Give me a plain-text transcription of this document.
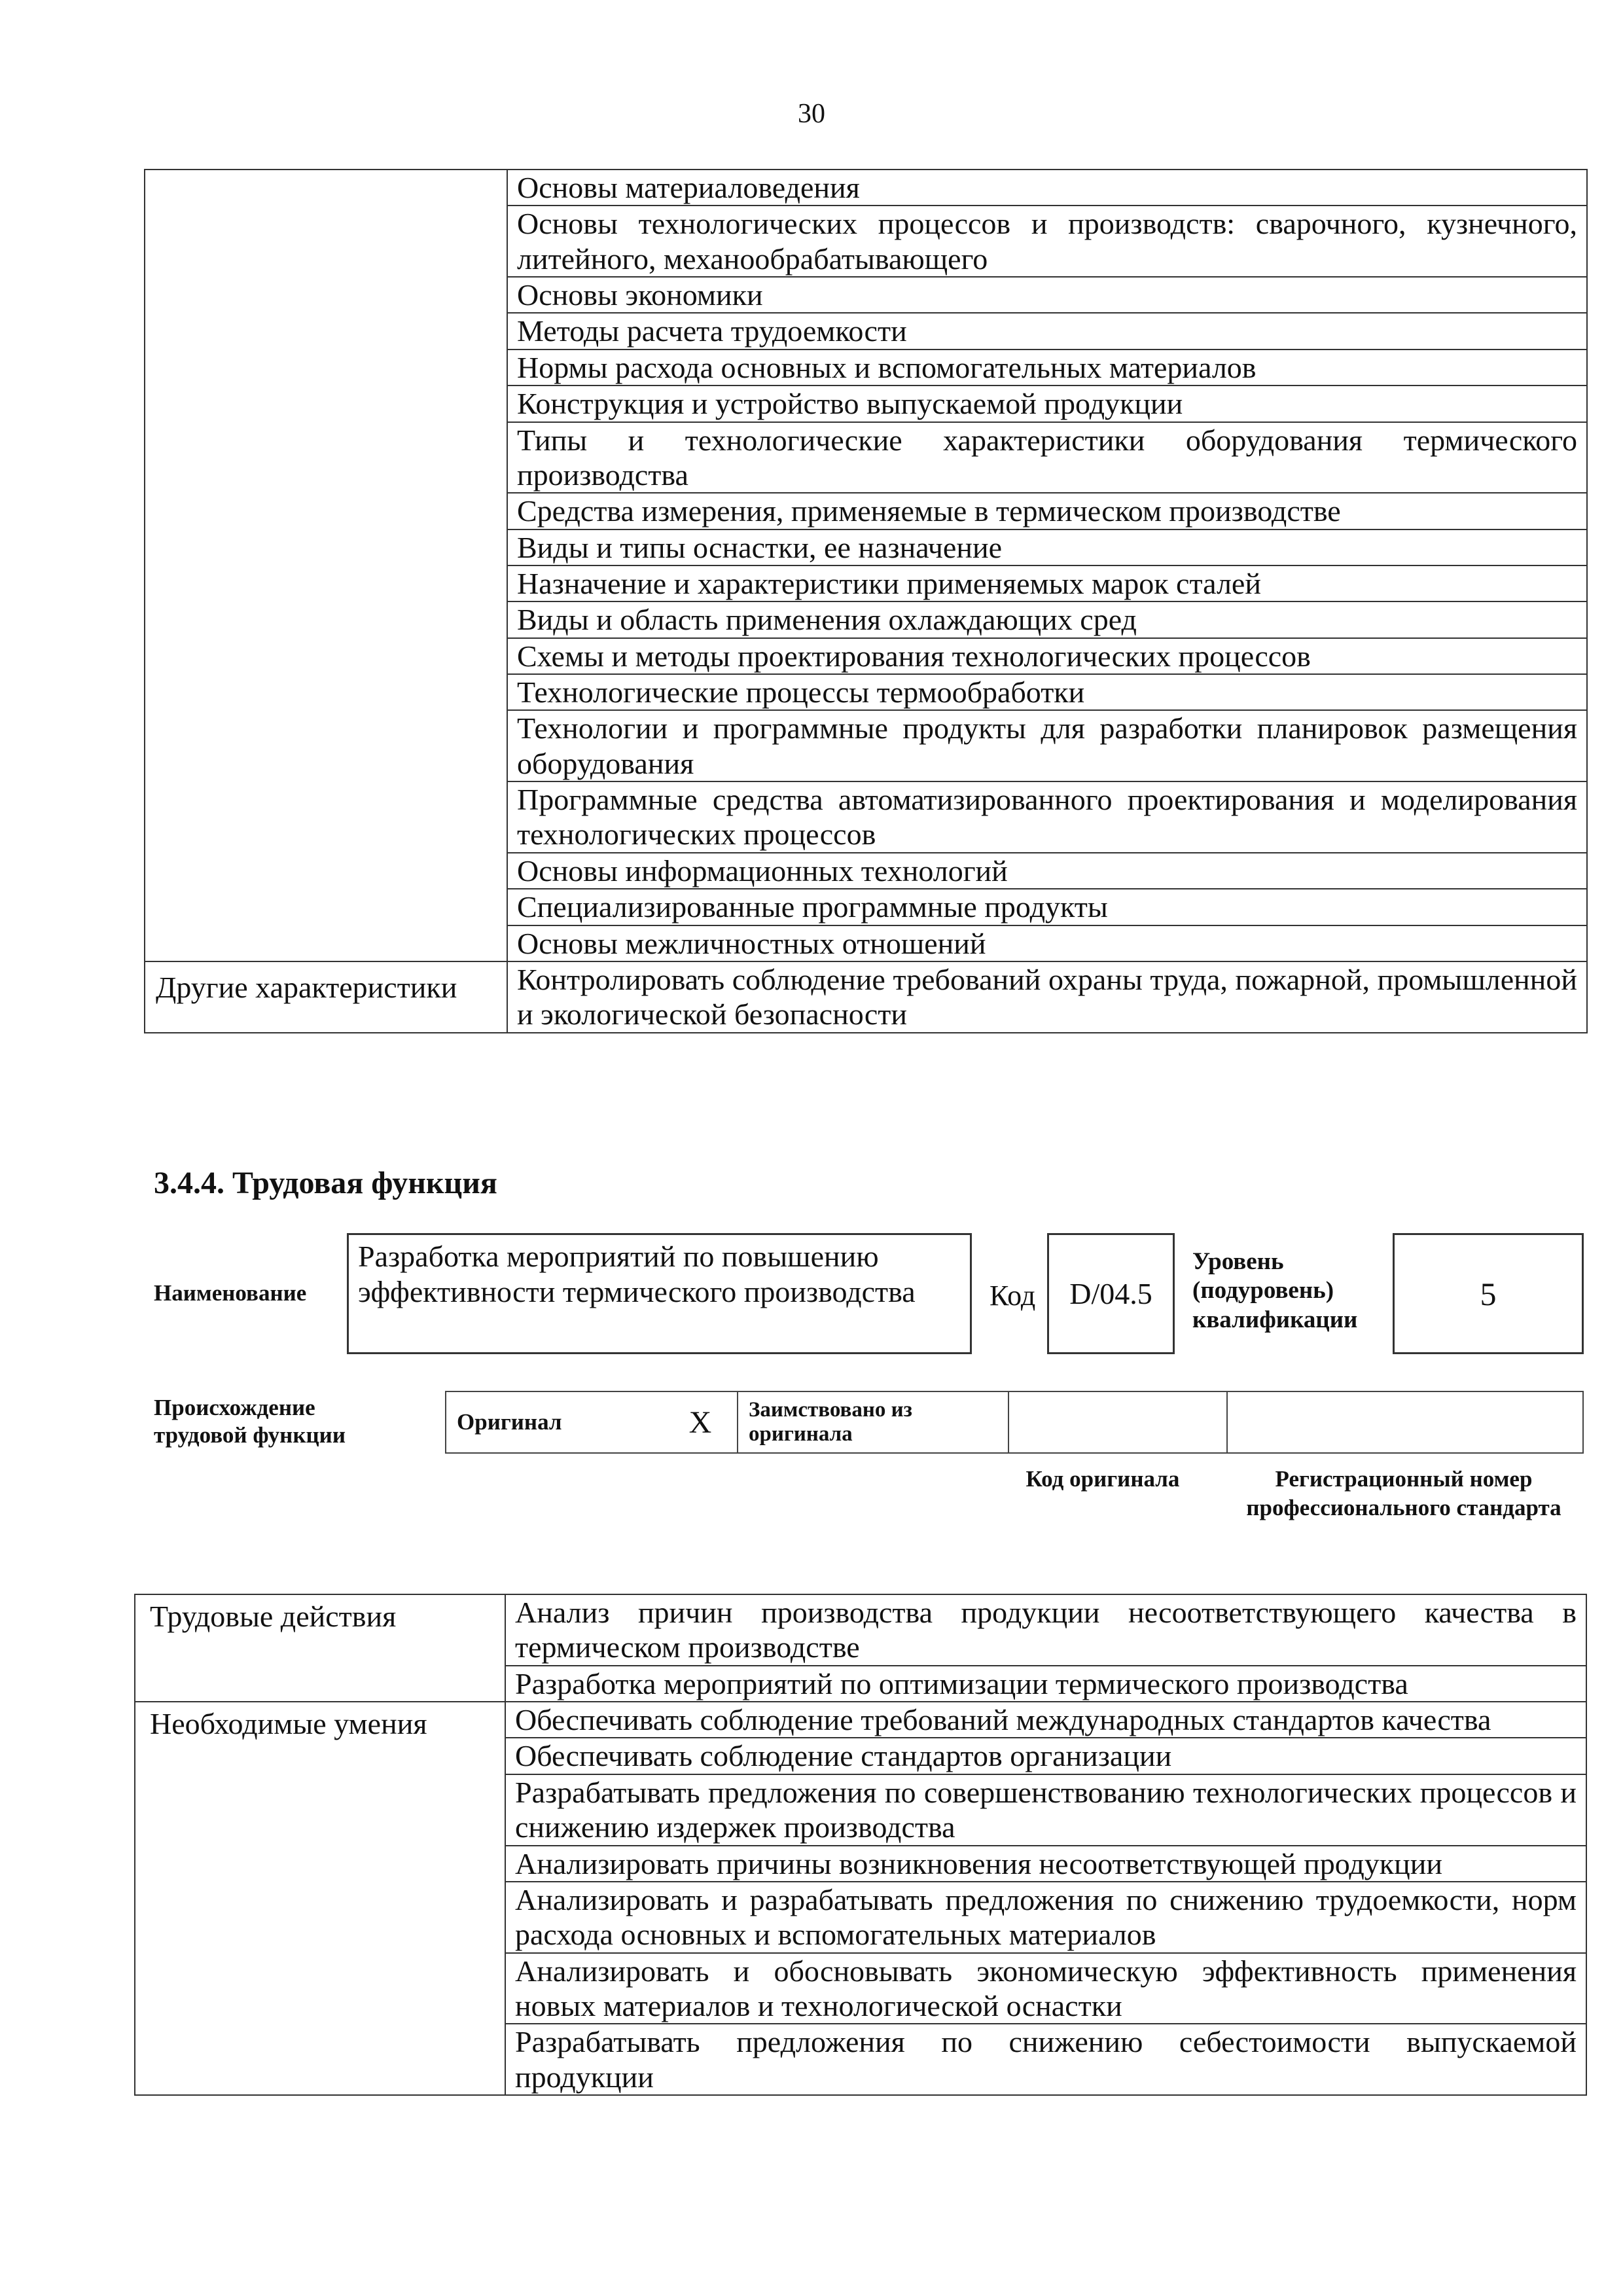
30
	Основы материаловедения
	Основы технологических процессов и производств: сварочного, кузнечного, литейного, механообрабатывающего
	Основы экономики
	Методы расчета трудоемкости
	Нормы расхода основных и вспомогательных материалов
	Конструкция и устройство выпускаемой продукции
	Типы и технологические характеристики оборудования термического производства
	Средства измерения, применяемые в термическом производстве
	Виды и типы оснастки, ее назначение
	Назначение и характеристики применяемых марок сталей
	Виды и область применения охлаждающих сред
	Схемы и методы проектирования технологических процессов
	Технологические процессы термообработки
	Технологии и программные продукты для разработки планировок размещения оборудования
	Программные средства автоматизированного проектирования и моделирования технологических процессов
	Основы информационных технологий
	Специализированные программные продукты
	Основы межличностных отношений
Другие характеристики	Контролировать соблюдение требований охраны труда, пожарной, промышленной и экологической безопасности
3.4.4. Трудовая функция
Наименование
Разработка мероприятий по повышению эффективности термического производства	Код	D/04.5
Уровень (подуровень) квалификации
5
Происхождение трудовой функции
Оригинал	X	Заимствовано из оригинала		
Код оригинала	Регистрационный номер профессионального стандарта
Трудовые действия	Анализ причин производства продукции несоответствующего качества в термическом производстве
	Разработка мероприятий по оптимизации термического производства
Необходимые умения	Обеспечивать соблюдение требований международных стандартов качества
	Обеспечивать соблюдение стандартов организации
	Разрабатывать предложения по совершенствованию технологических процессов и снижению издержек производства
	Анализировать причины возникновения несоответствующей продукции
	Анализировать и разрабатывать предложения по снижению трудоемкости, норм расхода основных и вспомогательных материалов
	Анализировать и обосновывать экономическую эффективность применения новых материалов и технологической оснастки
	Разрабатывать предложения по снижению себестоимости выпускаемой продукции
